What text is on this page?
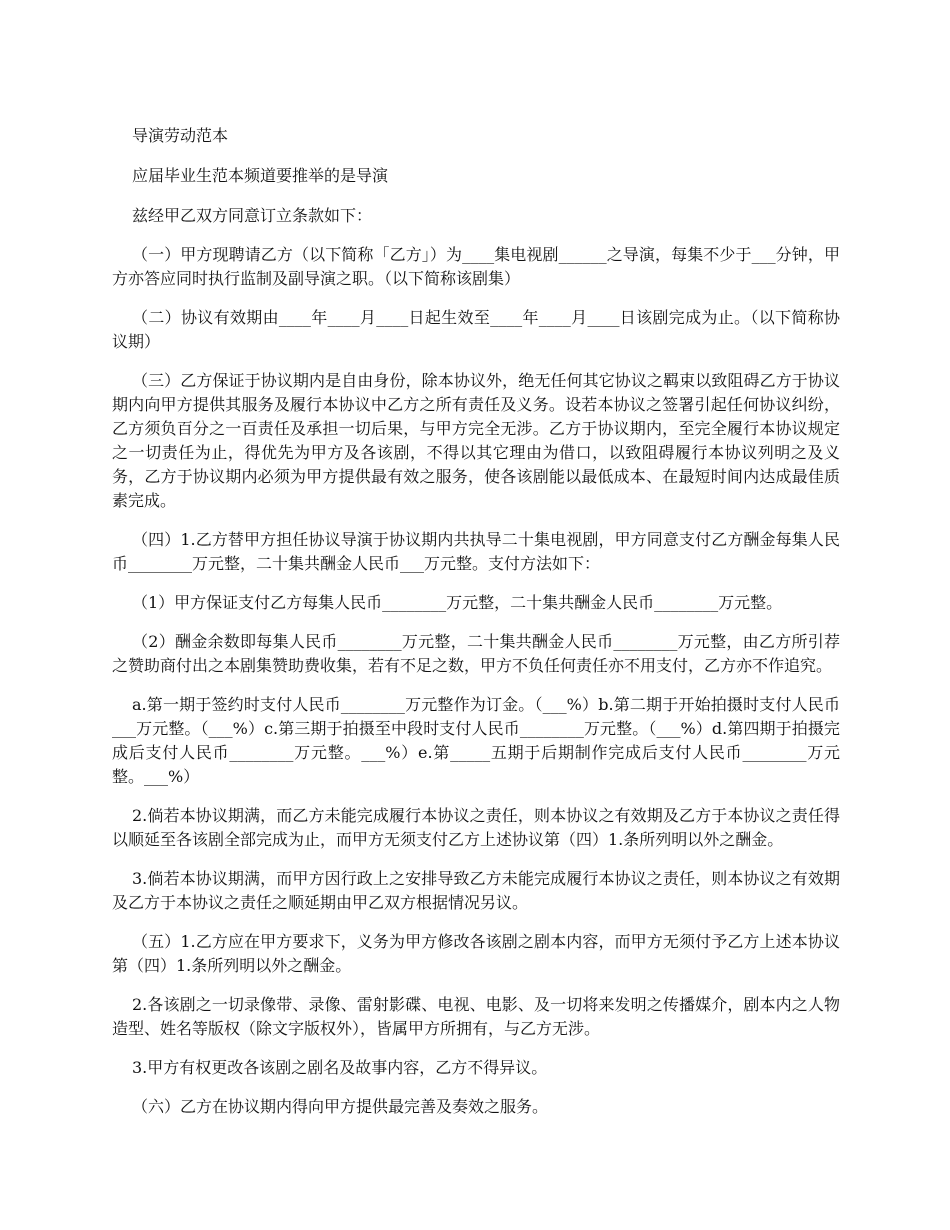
导演劳动范本

应届毕业生范本频道要推举的是导演

兹经甲乙双方同意订立条款如下：

（一）甲方现聘请乙方（以下简称「乙方」）为____集电视剧______之导演，每集不少于___分钟，甲方亦答应同时执行监制及副导演之职。（以下简称该剧集）

（二）协议有效期由____年____月____日起生效至____年____月____日该剧完成为止。（以下简称协议期）

（三）乙方保证于协议期内是自由身份，除本协议外，绝无任何其它协议之羁束以致阻碍乙方于协议期内向甲方提供其服务及履行本协议中乙方之所有责任及义务。设若本协议之签署引起任何协议纠纷，乙方须负百分之一百责任及承担一切后果，与甲方完全无涉。乙方于协议期内，至完全履行本协议规定之一切责任为止，得优先为甲方及各该剧，不得以其它理由为借口，以致阻碍履行本协议列明之及义务，乙方于协议期内必须为甲方提供最有效之服务，使各该剧能以最低成本、在最短时间内达成最佳质素完成。

（四）1.乙方替甲方担任协议导演于协议期内共执导二十集电视剧，甲方同意支付乙方酬金每集人民币________万元整，二十集共酬金人民币___万元整。支付方法如下：

（1）甲方保证支付乙方每集人民币________万元整，二十集共酬金人民币________万元整。

（2）酬金余数即每集人民币________万元整，二十集共酬金人民币________万元整，由乙方所引荐之赞助商付出之本剧集赞助费收集，若有不足之数，甲方不负任何责任亦不用支付，乙方亦不作追究。

a.第一期于签约时支付人民币________万元整作为订金。（___%）b.第二期于开始拍摄时支付人民币___万元整。（___%）c.第三期于拍摄至中段时支付人民币________万元整。（___%）d.第四期于拍摄完成后支付人民币________万元整。___%）e.第_____五期于后期制作完成后支付人民币________万元整。___%）

2.倘若本协议期满，而乙方未能完成履行本协议之责任，则本协议之有效期及乙方于本协议之责任得以顺延至各该剧全部完成为止，而甲方无须支付乙方上述协议第（四）1.条所列明以外之酬金。

3.倘若本协议期满，而甲方因行政上之安排导致乙方未能完成履行本协议之责任，则本协议之有效期及乙方于本协议之责任之顺延期由甲乙双方根据情况另议。

（五）1.乙方应在甲方要求下，义务为甲方修改各该剧之剧本内容，而甲方无须付予乙方上述本协议第（四）1.条所列明以外之酬金。

2.各该剧之一切录像带、录像、雷射影碟、电视、电影、及一切将来发明之传播媒介，剧本内之人物造型、姓名等版权（除文字版权外），皆属甲方所拥有，与乙方无涉。

3.甲方有权更改各该剧之剧名及故事内容，乙方不得异议。

（六）乙方在协议期内得向甲方提供最完善及奏效之服务。
